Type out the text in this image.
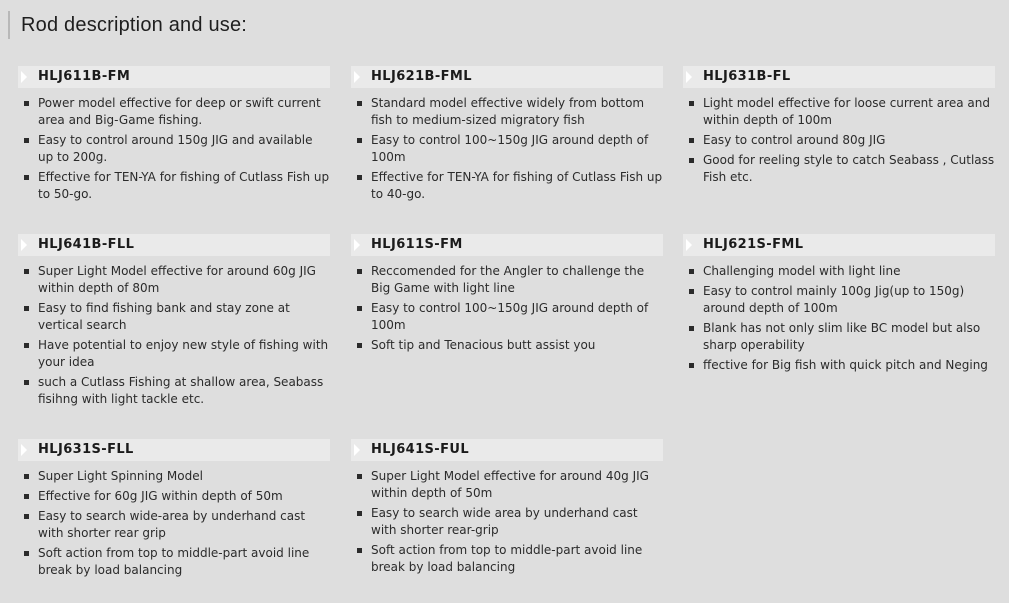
Rod description and use:
HLJ611B-FM
Power model effective for deep or swift current area and Big-Game fishing.
Easy to control around 150g JIG and available up to 200g.
Effective for TEN-YA for fishing of Cutlass Fish up to 50-go.
HLJ621B-FML
Standard model effective widely from bottom fish to medium-sized migratory fish
Easy to control 100~150g JIG around depth of 100m
Effective for TEN-YA for fishing of Cutlass Fish up to 40-go.
HLJ631B-FL
Light model effective for loose current area and within depth of 100m
Easy to control around 80g JIG
Good for reeling style to catch Seabass , Cutlass Fish etc.
HLJ641B-FLL
Super Light Model effective for around 60g JIG within depth of 80m
Easy to find fishing bank and stay zone at vertical search
Have potential to enjoy new style of fishing with your idea
such a Cutlass Fishing at shallow area, Seabass fisihng with light tackle etc.
HLJ611S-FM
Reccomended for the Angler to challenge the Big Game with light line
Easy to control 100~150g JIG around depth of 100m
Soft tip and Tenacious butt assist you
HLJ621S-FML
Challenging model with light line
Easy to control mainly 100g Jig(up to 150g) around depth of 100m
Blank has not only slim like BC model but also sharp operability
ffective for Big fish with quick pitch and Neging
HLJ631S-FLL
Super Light Spinning Model
Effective for 60g JIG within depth of 50m
Easy to search wide-area by underhand cast with shorter rear grip
Soft action from top to middle-part avoid line break by load balancing
HLJ641S-FUL
Super Light Model effective for around 40g JIG within depth of 50m
Easy to search wide area by underhand cast with shorter rear-grip
Soft action from top to middle-part avoid line break by load balancing
